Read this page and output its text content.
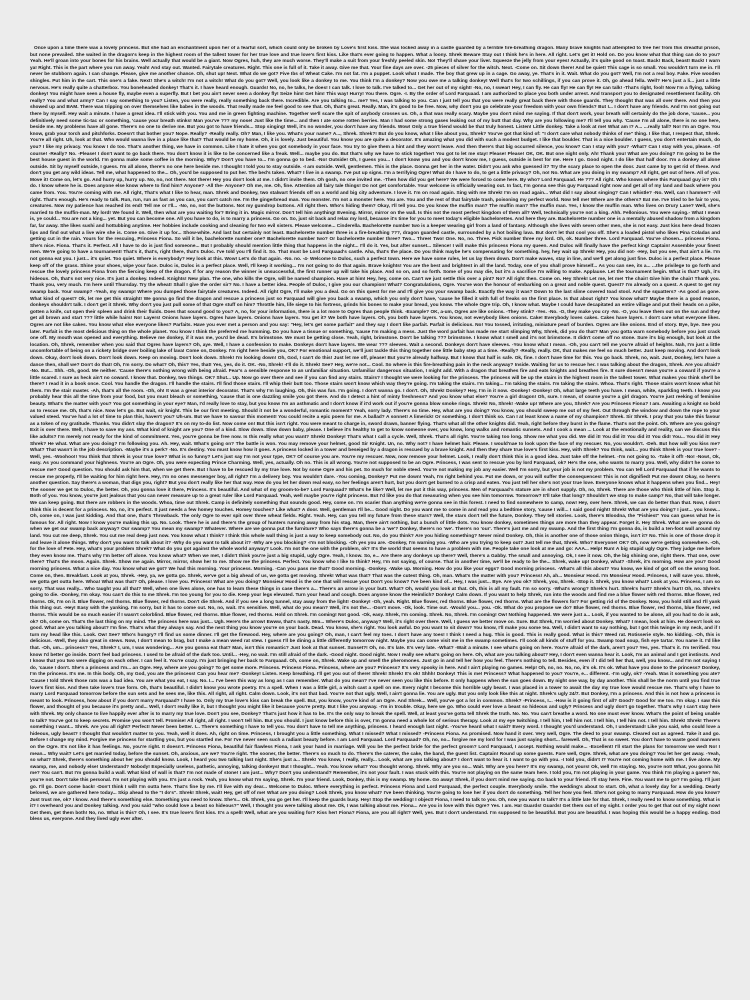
Once upon a time there was a lovely princess. But she had an enchantment upon her of a fearful sort, which could only be broken by Love's first kiss. She was locked away in a castle guarded by a terrible fire-breathing dragon. Many brave knights had attempted to free her from this dreadful prison, but none prevailed. She waited in the dragon's keep in the highest room of the tallest tower for her true love and true love's first kiss. Like that's ever going to happen. What a loony. Shrek Beware Stay out I think he's in here. All right. Let's get it! Hold on. Do you know what that thing can do to you? Yeah. He'll groan into your bones for his brains. Well actually that would be a giant. Now Ogres, huh, they are much worse. They'll make a suit from your freshly peeled skin. No! They'll shave your liver. Squeeze the jelly from your eyes! Actually, it's quite good on toast. Back! Back, beast! Back! I warn ya! Right. This is the part where you run away. Yeah! And stay out. Wanted. Fairytale creatures. Right. This one is full of it. Take it away. Give me that. Your fine days are over. -25 pieces of silver for the witch. Next. -Come on. Sit down there! And be quiet! This cage is so small. You wouldn't turn me in. I'll never be stubborn again. I can change. Please, give me another chance. Oh, shut up! Next. What do we got? Five Ibs of Wheat Cake. I'm not fat. I'm a puppet. Look what I made. The boy that grew up in a cage. Go away, ye. That's in it. Wait. What do you got? Well, I'm not a real boy. Fake. Five wooden shingles. Put him in the cart. This one's a fake. Next! She's a witch! I'm not a witch! What do you got? Well, you look like a donkey to me. You think I'm a donkey? Now you owe me a talking donkey! Well that's for two schillings, if you can prove it. Oh, go ahead fella. Well? He's just a li... just a little nervous. He's really quite a chatterbox. You boneheaded donkey! That's it. I have heard enough. Guards! No, no, he talks, he does! I can talk. I love to talk. I've talked to... Get her out of my sight! -No, no, I swear! Hey, I can fly. He can fly! He can fly! He can talk! -That's right, fool! Now I'm a flying, talking donkey! You might have seen a house fly, maybe even a superfly. But I bet you ain't never seen a donkey fly! Seize him! Get him! This way! Hurry! You there. Ogre. -I. By the order of Lord Farquaad. I am authorized to place you both under arrest. And transport you to designated resettlement facility. Oh really? You and what army? Can I say something to you? Listen, you were really, really something back there. Incredible. Are you talking to... me? Yes, I was talking to you. Can I just tell you that you were really great back there with those guards. They thought that was all over there. And then you showed up and BAM. There was tripping on over themselves like babes in the woods. That really made me feel good to see that. Oh, that's great. Really. Man, it's good to be free. Now, why don't you go celebrate your freedom with your own friends? But I... I don't have any friends. And I'm not going out there by myself. Hey wait a minute. I have a great idea. I'll stick with you. You and me in green fighting machine. Together we'll scare the spit of anybody crosses us. Oh, a that was really scary. Maybe you don't mind me saying. If that don't work, your breath will certainly do the job done, 'cause... you definitively need some tic-tac or something, 'cause your breath stinks! Man you've ??? my nose! Just like the time... and then I ate some rotten berries. Man I had some strong gases leaking out of my butt that day. Why are you following me? I'll tell you why. 'Cause I'm all alone, there is no one here, beside me. My problems have all gone. There's no one to derive me. But you got to have friends... Stop singing! Well, it's no wonder, you don't have any friends. Wow! Only a true friend would be that truly honest. Listen! Little donkey. Take a look at me! What am I? A... ...really tall? No! I'm an Ogre. You know, grab your torch and pitchforks. Doesn't that bother you? Nope. Really? -Really really. Oh? Man, I like you. What's your name? A..., Shrek. Shrek?! But do you know, what I like about you, Shrek? You've got that kind of: "I don't care what nobody thinks of me" thing. I like that, I respect that, Shrek. You're all right. Uh, look at that. Who would wanna live in a place like that? That would be my home. Oh, it is lovely. Just beautiful. You know you are quite a decorator. It's amazing what you did with such a modest budget. I like that boulder. That is a nice boulder. I guess, you don't entertain much, do you? I like my privacy. You know I do too. That's another thing, we have in common. Like I hate it when you got somebody in your face. You try to give them a hint and they won't leave. And then there's that big occurred silence, you know? Can I stay with you? -What? Can I stay with you, please. -Of course! -Really? No. -Please! I don't want to go back there. You don't know it is like to be concerned like a freak. Well... maybe you do. But that's why we have to stick together! You got to let me stay! Please! Please! OK, OK. But one night only. Ah! Thank you! What are you doing? I'm going to be the best house guest in the world. I'm gonna make some coffee in the morning. Why? Don't you have to... I'm gonna go to bed. -No! Outside! Oh, I guess you... I don't know you and you don't know me, I guess, outside is best for me. Here I go. Good night. I do like that half door. I'm a donkey all alone outside. Sit by myself outside, I guess. I'm all alone, there's no one here beside me. I thought I told you to stay outside. -I am outside. Well, gentlemen. This is the place. Gonna get her in the water. Didn't you ask who guessed it? Try the scary place to open the door. Just came by to get rid of these. And don't you get any wild ideas. Tell me, what happened to the... Oh, you'd be supposed to put her. The bed's taken. What? I live in a swamp. I've put up signs. I'm a terrifying Ogre! What do I have to do, to get a little privacy? Oh, no! No. What are you doing in my swamp? All right, get out of here. All of you. Move it! Come on, let's go. And hurry up, hurry up. No, no, not there. Not there! Hey you don't look at me. I didn't invite them. Oh gosh, no one invited me. -Then how did you get here? We were forced to come here. By who? Lord Farquaad. He ??? All right. Who knows where this Farquaad guy is? Oh I do. I know where he is. Does anyone else know where to find him? Anyone? -All the- Anyone? Oh me, me. Oh, fine. Attention all fairy tale things! Do not get comfortable. Your welcome is officially wearing out. In fact, I'm gonna see this guy Farquaad right now and get all of my land and back where you came from. You. You're coming with me. All right, That's what I like to hear, man. Shrek and Donkey, two stalwart friends off on a world and big city adventure. I love it. I'm on road again. Sing with me Shrek! I'm on road again... What did I say about singing? Can I whistle? -No. Well, can I hammer? -All right. That's enough. He's ready to talk. Run, run, run as fast as you can, you can't catch me. I'm the gingerbread man. You monster. I'm not a monster here. You are. You and the rest of that fairytale trash, poisoning my perfect world. Now tell me! Where are the others? Eat me. I've tried to be fair to you, creatures. Now my patience has reached its end! Tell me or I'll... -No, no, not the buttons. Not my gumdrop buttons. All right then. Who's hiding them? Okay, I'll tell you. Do you know the muffin man? The muffin man? The muffin man. Yes, I know the muffin man. Who lives on Drury Lane? Well, she's married to the muffin-man. My lord! We found it. Well, then what are you waiting for? Bring it in. Magic mirror. Don't tell him anything! Evening. Mirror, mirror on the wall. Is this not the most perfect kingdom of them all? Well, technically you're not a king. Ahh. Fellonious. You were saying.- What I mean is, ye could... You are not a king... yet. But you can become one. All you have to do, is to marry a princess. Go on. So, just sit back and relax my lord, because it's time for you to meet today's eligible bachelorettes. And here they are. Bachelorette number one is a mentally abused shadow from a kingdom far, far away. She likes sushi and hottubbing anytime. Her hobbies include cooking and cleaning for two evil sisters. Please welcome... Cinderella. Bachelorette number two is a keeper wearing girl from a land of fantasy. Although she lives with seven other men, she is not easy. Just kiss here dead frozen lips and find out what a live wire she is. Come on. Give it up for... Show-white. And last but certainly not least. Bachelorette number three is a fire-breathing ???, dragon guarded castle, surrounded by a hot boiling lava. But don't let that cool you off. She's a loaded pistol who likes Pina Coladas and getting cut in the rain. Yours for the rescuing, Princess Fiona. So will it be, bachelorette number one? Bachelorette number two? Or bachelorette number three? Two... Three! Two! One. No, no. Three. Pick number three my lord. Oh, ok. Number three. Lord Farquaad. You've chosen... princess Fiona. She's nice. Fiona. That's it. Perfect. All I have to do is just find someone... But I probably should mention little thing that happens in the night... I'll do it. Yes, but after sunset... Silence! I will make this princess Fiona my queen. And Duloc will finally have the perfect king! Captain! Assemble your finest men. We're going to have a tournament! That's it, that's, right there, that's Duloc. I've told you I'll find it. So. That must be Lord Farquaad's castle. Aha, that's the place. Do you think maybe he's compensating for something. hey, hey wait up Shrek! Hey, you did not- -Hey, but you see, that ain't a lie. I'm not gonna eat you. I just... it's quiet. Too quiet. Where is everybody? Hey look at this. Wow! Let's do that again. -No. no. -4- Welcome to Duloc, such a perfect town. Here we have some rules, let us lay them down. Don't make waves, stay in line, and we'll get along just fine. Duloc is a perfect place. Please keep off of the grass. Shine your shoes, wipe your face. Duloc is, Duloc is a perfect place. Well, I'll keep it working... I'm not going to do that again. Brave knights! You are the best and brightest in all the land. Today, one of you shall prove himself... As you can see, its a... ...the privilege to go forth and rescue the lovely princess Fiona from the fiercing keep of the dragon. If for any reason the winner is unsuccessful, the first runner up will take his place. And so on, and so forth. Some of you may die, but it's a sacrifice I'm willing to make. Applause. Let the tournament begin. What is that? Ugh, it's hideous. Oh, that's not very nice. It's just a donkey. Indeed. Knights! New plan. The one, who kills the Ogre, will be named champion. Have at him! Hey, hey, come on. Can't we just settle this over a pint? No? All right then. Come on. Hey Shrek! Let me, let me! The chair! Give him the chair! Thank you. Thank you, very much. I'm here until Thursday. Try the wheat! Shall I give the order sir? No. I have a better idea. People of Duloc, I give you our champion! What? Congratulations, Ogre. You've won the honour of embarking on a great and noble quest. Quest? I'm already on a quest. A quest to get my swamp back. Your swamp? -Yeah, my swamp! Where you dumped those fairytale creatures. Indeed. All right Ogre, I'll make you a deal. Go on this quest for me and I'll give you your swamp back. Exactly the way it was? Down to the last slime covered toad stool. And the squatters? -As good as gone. What kind of quest? Ok, let me get this straight! We gonna go find the dragon and rescue a princess just so Farquaad will give you back a swamp, which you only don't have, 'cause he filled it with full of freaks on the first place. Is that about right? You know what? Maybe there is a good reason, donkeys shouldn't talk. I don't get it Shrek. Why don't you just pull some of that Ogre stuff on him? Throttle him, life siege to his fortress, grinds his bones to make your bread, you know. The whole Ogre trip. Oh, I know what. Maybe I could have decapitated an entire village and put their heads on a pike, gotten a knife, cut open their spleen and drink their fluids. Does that sound good to you? A, no, for your information, there is a lot more to Ogres than people think. -Example? OK, a-um, Ogres are like onions. -They stink? -Yes. -No. -O, they make you cry -No. -O, you leave them out on the sun and they get all brown and start ??? little while hairs! No! Layers! Onions have layers. Ogres have layers. Onions have layers. You get it? We both have layers. Oh, you both have layers. You know, not everybody likes onions. Cake! Everybody loves cakes. Cakes have layers. I don't care what everyone likes. Ogres are not like cakes. You know what else everyone likes? Parfaits. Have you ever met a person and you say: "Hey, let's get some parfait" and they say I don't like parfait. Parfait is delicious. No! You tossed, irritating, miniature pearl of burden. Ogres are like onions. End of story. Bye, bye. See you later. Parfait is the most delicious thing on the whole planet. You know I think the preferred me humming. Do you have a tissue or something, 'cause I'm making a mess. Just the word parfait has made me start slimping Why, Shrek, did you do that? Man you gotta warn somebody before you just crack one off. My mouth was opened and everything. Believe me donkey, if it was me, you'd be dead. It's brimstone. We must be getting close. Yeah, right, brimstone. Don't be talking ??? brimstone. I know what I smell and it's not brimstone. It didn't come off no stone. Sure it's big enough, but look at the location. Oh, Shrek, remember when you said that Ogres have layers? Oh, aye. Well, I have a confession to make. Donkeys don't have layers. We wear ??? sleeves. Wait a second. Donkeys don't have sleeves. -You know what I mean. -Oh, you can't tell me you're afraid of heights. Nah, I'm just a little uncomfortable of being on a rickety bridge over boiling lake of lava! Come on, Donkey. I'm right here beside you, OK? For emotional support, we'll just tackle this thing together one little baby step at a time. -Really? -Really, really. OK, that makes me feel so much better. Just keep moving. And don't look down. Okay, don't look down. Don't look down. Keep on moving. Don't look down. Shrek! I'm looking down! Oh, God, I can't do this! Just let me off, please! But you're already halfway. But I know that half is safe. Ok, fine. I don't have time for this. You go back. Shrek, no, wait. Just, Donkey, let's have a dance then, shall we? Don't do that! Oh, I'm sorry. Do what? Oh, this? Yes, that! Yes, yes, do it. OK. -No, Shrek! -I'll do it. Shrek! See? Hey, we're not... Cool. So where is this fire-breathing pain in the neck anyway? Inside. Waiting for us to rescue her. I was talking about the dragon, Shrek. Are you afraid? -No. But... Shh. -Oh, good. Me neither. 'Cause there's nothing wrong with being afraid. Fear's a sensible response to an unfamiliar situation. Unfamiliar dangerous situation, I might add. With a dragon that breathes fire and eats knights and breathes fire. It sure doesn't mean you're a coward if you're a little scared. I sure as heck ain't no coward. I know that. Donkey, two things. OK? Shut... Up. Now go over there and see if you can find any stairs. Stairs? I thought we were looking for the princess. The princess will be up the stairs in the highest room in the tallest tower. What makes you think she'll be there? I read it in a book once. Cool. You handle the dragon. I'll handle the stairs. I'll find those stairs. I'll whip their butt too. Those stairs won't know which way they're going. I'm taking the stairs. I'm taking... I'm taking the stairs. I'm taking the stairs. Whoa. That's right. Those stairs won't know what hit them. I'm the stair master. -Ah, that's all the room. -Oh, oh! It was a great interior decorator. That's why I'm laughing. Oh, this was fun. I'm going. I don't wanna go. I don't. Oh, Shrek! Donkey? Hey, I'm in it now. -Donkey! -Donkey! Oh, what large teeth you have. I mean, white, sparkling teeth. I know you probably hear this all the time from your food, but you must bleach or something, 'cause that is one dazzling smile you got there. And do I detect a hint of minty freshness? And you know what else? You're a girl dragon! Oh, sure. I mean, of course you're a girl dragon. You're just reeking of feminine beauty. What's the matter with you? You got something in your eye? Man, I'd really love to stay, but you know I'm an asthmatic and I don't know if it'd work out if you're gonna blow smoke rings. Shrek! No, Shrek! -Wake up! Where are you, Shrek? Are you Princess Fiona? I am. Awaiting a knight so bold as to rescue me. Oh, that's nice. Now let's go. But wait, sir knight. This be our first meeting. Should it not be a wonderful, romantic moment? Yeah, sorry lady. There's no time. Hey, what are you doing? You know, you should sweep me out of my feet. Out through the window and down the rope to your valued steed. You've had a lot of time to plan this, haven't you? Uh-um. But we have to savour this moment! You could recite a epic poem for me. A ballad? A sonnet! A limerick! Or something. I don't think so. Can I at least know a name of my champion? Shrek. Sir Shrek. I pray that you take this favour as a token of my gratitude. Thanks. You didn't slay the dragon? It's on my to-do list. Now come on! But this isn't right. You were meant to charge in, sword drawn, banner flying. That's what all the other knights did. Yeah, right before they burst in the flame. That's not the point. Oh. Where are you going? Exit is over there. Well, I have to save my ass. What kind of knight are you? One of a kind. Slow down. Slow down baby, please. I believe it's healthy to get to know someone over, you know, long walks and romantic sunsets. And I cook a mean ... Look at the emotionally and reality, can we discuss this like adults? I'm merely not ready for the kind of commitment. Yes, you're gonna be free now. Is this really what you want? Shrek! Donkey! That's what I call a cycle. Well, Shrek. That's all right. You're taking too long. Show me what you did. We did it! You did it! You did it! You did! You... You did it! Hey Shrek? He what. What are you doing? I'm following you. Ah. Hey, wait. What's going on? The battle is won. You may remove your helmet, good Sir Knight. Un, no. Why not? I have helmet hair. Please. I would'nae to look upon the face of my rescuer. No, you wouldn't. -Deh. But how will you kiss me? What? That wasn't in the job description. -Maybe it's a perk? -No. It's destiny. You must know how it goes. A princess locked in a tower and beseiged by a dragon is rescued by a brave knight. And then they share true love's first kiss. Hey, with Shrek? You think, wait... you think Shrek is your true love? -Well, yes. -Woohoo!! You think that Shrek is your true love? What is so funny? Let's just say I'm not your type, OK? Of course you are. You're my rescuer. Now, now remove your helmet. Look, I really don't think this is a good idea. Just take off the helmet. -I'm not going to. -Take it off! -No! -Now!, Ok, easy. As you command your highness. You're an Ogre. Oh, you were expecting Prince Charming. Well, yes, actually. Oh no. This is all wrong. You're not supposed to be an Ogre. Princess, I was sent to rescue you by lord Farquaad, ok? He's the one, who wants to marry you. Well, why didn't he come to rescue me? Good question. You should ask him that, when we get there. But I have to be rescued by my true love. Not by some Ogre and his pet. So much for noble steed. You're not making my job any easier. Well I'm sorry, but your job is not my problem. You can tell Lord Farquaad that if he wants to rescue me properly, I'll be waiting for him right here. Hey, I'm no ones messenger boy, all right? I'm a delivery boy. You wouldn't dare. -You coming, Donkey? Put me down! Yeah, I'm right behind you. Put me down, or you will suffer the consequences! This is not dignified! Put me down! Okay, so here's another question. Say there's a woman, that digs you, right? But you don't really like her that way. How do you let her down real easy, so her feelings aren't hurt, but you don't get burned to a crisp and eaten. You just tell her she's not your true love. Everyone knows what it happens when you find... Hey! The sooner we get to Duloc, the better. Oh, you gonna love it there, Princess. It's beautiful. And what of my groom-to-be? Lord Farquaad? What's he like? Well, let me put it this way, princess. Men of Farquaad's stature are in short supply. Oh, no, Shrek. There are those who think little of him. Stop it. Both of you. You know, you're just jealous that you can never measure up to a great ruler like Lord Farquaad. Yeah, well maybe you're right princess. But I'd like you do that measuring when you see him tomorrow. Tomorrow? It'll take that long? Shouldn't we stop to make camp? No, that will take longer. We can keep going. But there are robbers in the woods. Whoa, time out Shrek. Camp is definitely something that sounds good. Hey, come on. I'm scarier than anything we're gonna see in this forest. I need to find somewhere to camp, now! Hey, over here. Shrek, we can do better than that. Now, I don't think this is decent for a princess. No, no, it's perfect. It just needs a few homey touches. Homey touches? Like what? A door. Well, gentleman I'll be... Good night. Do you want me to come in and read you a bedtime story, 'cause I will... I said good night! Shrek! What are you doing? I just... you know... Oh, come on, I was just kidding. And that one, that's Throwback. The only Ogre to ever spit over three wheat fields. Right. Yeah. Hey, can you tell my future from these stars? Well, the stars don't tell the future, Donkey. They tell stories. Look, there's Bloodna, the "Fishiest" You can guess what he is famous for. All right. Now I know you're making this up. No. Look. There he is and there's the group of hunters running away from his stag. Man, there ain't nothing, but a bunch of little dots. You know donkey, sometimes things are more than they appear. Forget it. Hey Shrek. What are we gonna do when we get our swamp back anyway? Our swamp? You mean my swamp? Whatever. Where are we gonna put the furniture? Who says there's gonna be a 'we'? Donkey, there's no 'we'. There's no 'our'. There's just me and my swamp. And the first thing I'm gonna do, is build a ten-foot wall around my land. You cut me deep, Shrek. You cut me real deep just now. You know what I think? I think this whole wall thing is just a way to keep somebody out. No, do you think? Are you hiding something? Never mind Donkey. Oh, this is another one of those onion things, isn't it? No. This is one of those drop it and leave it alone things. Why don't you want to talk about it? -Why do you want to talk about it? -Why are you blocking? -I'm not blocking. -Oh yes you are. -Donkey, I'm warning you. -Who are you trying to keep out? Just tell me that, Shrek. Who? Everyone! OK? Oh, now we're getting somewhere. -Oh, for the love of Pete. Hey, what's your problem Shrek? What do you got against the whole world anyway? Look. I'm not the one with the problem, ok? It's the world that seems to have a problem with me. People take one look at me and go: AAA... Help! Run! A big stupid ugly Ogre. They judge me before they even know me. That's why I'm better off alone. You know what? When we met, I didn't think you're just a big stupid, ugly Ogre. Yeah, I know. So, e... Are there any donkeys up there? Well, there's a Gabby. The small and annoying. Ok, I see it now. Oh, the big shining one, right there. That one, over there? That's the moon. Again. Shrek. Show me again. Mirror, mirror, show her to me. Show me the princess. Perfect. You know who I like to think? Hey, I'm not saying, of course. That in another time, we'll be ready to be the... Shrek, wake up! Donkey, what? -Shrek, it's morning. How are you? Good morning princess. What a nice day. You know what we got? We had this morning. Your princess. Morning. -Can you pass me that? Good morning. -Donkey. -Wake up. Morning. How do you like your eggs? Good morning princess. -What's all this about? You know, we kind of got off on the wrong foot. Come on, then. Breakfast. Look at you, Shrek. -Hey, ya, we gotta go. Shrek, we've got a big ahead of us, we gotta get moving. Shrek! What was that? That was the cutest thing. Oh, man. What's the matter with you? Princess! Ah, ah... Monsieur Hood. I'm Monsieur Hood. Princess, I will save you. Shrek, we gotta get outta here. Whoa! What was that? Oh, please. I love you. Princess! What are you doing? Monsieur Hood is the one that will rescue you! Don't you know? I've been kind of... Hey, I was just... Bye. Are you ok? Shrek, you, Shrek. -Stop it. Shrek, you know what? Look at you. Princess, I am so sorry. That was really... Who taught you all that? Well, when one lives alone, one has to learn these things in case there's a... There's an arrow in your butt. What? Oh, would you look at that. Oh, this is all my fault. I'm so sorry. -What's wrong? Shrek's hurt. Shrek's hurt? Shrek's hurt! Oh, no. Shrek's going to die. -Donkey, I'm okay. You can't do this to me Shrek. I'm too young for you to die. Keep your legs elevated. Turn your head and cough. Does anyone know the Heimlich? Donkey! Calm down. If you want to help Shrek, run into the woods and find me a blue flower with red thorns. Blue flower, red thorns. Ok, I'm on it. Blue flower, red thorns. Blue flower, red thorns. Don't die Shrek. And if you see a long tunnel, stay away from the light! -Donkey! -Oh, yeah. Right. Blue flower, red thorns. Blue flower, red thorns. What are the flowers for? For getting rid of the Donkey. Now, you hold still and I'll yank this thing out. -Hey! Easy with the yanking. I'm sorry, but it has to come out. No, no, wait. It's sensitive. Well, what do you mean? Well, it's not the... -Don't move. -Ok, look. Time out. -Would you... you. -Ok. What do you propose we do? Blue flower, red thorns. Blue flower, red thorns, blue flower, red thorns. This would be so much easier if I wasn't colorblind. Blue flower, red thorns. Blue flower, red thorns. Hold on Shrek. I'm coming! Not good. -Ok, easy. Shrek, I'm coming. Shrek. No, Shrek. I'm coming! Ow! Nothing happened. We were just a... Look, if you wanted to be alone, all you had to do is ask, ok? Oh, come on. That's the last thing on my mind. The princess here was just... Ugh. Here's the arrow! Ewww, that's nasty. Mm... Where's Duloc, anyway? Well, it's right over there. Well, I guess we better move on. Sure. But Shrek, I'm worried about Donkey. What? I mean, look at him. He doesn't look so good. What are you talking about? I'm fine. That's what they always say. And the next thing you know you're on your back. Dead. You know, she's right. You look awful. Do you want to sit down? You know, I'll make you some tea. Well, I didn't want to say nothing, but I got this twinge in my neck, and if I turn my head like this. Look. Ow! See? Who's hungry? I'll find us some dinner. I'll get the firewood. Hey, where are you going? Oh, man, I can't feel my toes. I don't have any toes! I think I need a hug. This is good. This is really good. What is this? Weed rat. Rotisserie style. No kidding. -Oh, this is delicious. -Well, they also great in stews. Now, I don't mean to brag, but I make a mean weed rat stew. I guess I'll be dining a little differently tomorrow night. Maybe you can come visit me in the swamp sometimes. I'll cook all kinds of stuff for you. Swamp toad soup, fish eye tartar. You name it. I'd like that. -Oh, um... princess? Yes, Shrek? I, um, I was wondering... Are you gonna eat that? Man, isn't this romantic? Just look at that sunset. Sunset?! Oh, no. It's late. It's very late. -What? -Wait a minute. I see what's going on here. You're afraid of the dark, aren't you? Yes, yes. That's it. I'm terrified. You know I'd better go inside. Don't feel bad princess. I used to be afraid of the dark too. Until... -Hey, no wait. I'm still afraid of the dark. -Good night. Good night. Now I really see what's going on here. Oh, what are you talking about? Hey, I don't even wanna hear it. Look, I'm an animal and I got instincts. And I know that you two were digging on each other. I can feel it. You're crazy. I'm just bringing her back to Farquaad. Oh, come on, Shrek. Wake up and smell the pheromones. Just go in and tell her how you feel. There's nothing to tell. Besides, even if I did tell her that, well, you know... and I'm not saying I do, 'cause I don't. She's a princess and I'm... an Ogre. Hey, where are you going? To get some more. Princess. Princess Fiona. Princess, where are you? Princess? It's very spooky in here. And I ain't playing no games. Help! Oh, no, no. No, no, it's ok. It's ok. What have you done to the princess? Donkey, I'm the princess. It's me. In this body. Oh, my God, you ate the princess! Can you hear me? -Donkey! Listen. Keep breathing. I'll get you out of there! Shrek! Shrek! It's ok! Shhh! Donkey! This is me! Princess? What happened to you? You're, e... different. -I'm ugly, ok? -Yeah. Was it something you ate? 'Cause I told Shrek those rats was a bad idea. You are what you eat, I say. No. I... I've been this way as long as I can remember. What do you mean? I've never seen you like this before. It only happens when the sun goes down. By night one way, by day another. This shall be the norm until you find true love's first kiss. And then take love's true form. Oh, that's beautiful. I didn't know you wrote poetry. It's a spell. When I was a little girl, a witch cast a spell on me. Every night I become this horrible ugly beast. I was placed in a tower to await the day my true love would rescue me. That's why I have to marry Lord Farquaad tomorrow before the sun sets and he sees me, like this. All right, all right. Calm down. Look, it's not that bad. You're not that ugly. Well, I ain't gonna lie. You are ugly. But you only look like this at night. Shrek's ugly 24/7. But Donkey, I'm a princess. And this is not how a princess is meant to look. Princess, how about if you don't marry Farquaad? I have to. Only my true love's kiss can break the spell. But, you know, you're kind of an Ogre. And Shrek... Well, you've got a lot in common. Shrek? -Princess, I... -How is it going first of all? Good? Good for me too. I'm okay. I saw this flower, and thought of you because it's pretty and... Well, I don't really like it, but I thought you might like it because you're pretty. But I like you anyway. -I'm in trouble. Okay, here we go. Who could ever love a beast so hideous and ugly? Princess and ugly don't go together. That's why I can't stay here with Shrek. My only chance to live happily ever after is to marry my true love. Don't you see, Donkey? That's just how it has to be. It's the only way to break the spell. Well, at least you've gotta tell Shrek the truth. No. No. You can't breathe a word. No one must ever know. What's the point of being unable to talk? You've got to keep secrets. Promise you won't tell. Promise! All right, all right. I won't tell him. But you should. I just know before this is over, I'm gonna need a whole lot of serious therapy. Look at my eye twitching. I tell him, I tell him not. I tell him, I tell him not. I tell him. Shrek! Shrek! There's something I want... Shrek. Are you all right? Perfect! Never been better. I... There's something I have to tell you. You don't have to tell me anything, princess. I heard enough last night. -You've heard what I said? Every word. I thought you'd understand. Oh, I understand! Like you said, who could love a hideous, ugly beast? I thought that wouldn't matter to you. Yeah, well it does. Ah, right on time. Princess, I brought you a little something. What I missed? What I missed? -Princess Fiona. As promised. Now hand it over. Very well, Ogre. The deed to your swamp. Cleared out as agreed. Take it and go. Before I change my mind. Forgive me princess for startling you, but you startled me. For I've never seen such a radiant beauty before. I am Lord Farquaad. Lord Farquaad? Oh, no, no... forgive me my lord for I was just saying short... farewell. Oh, That is so sweet. You don't have to waste good manners on the Ogre. It's not like it has feelings. No, you're right. It doesn't. Princess Fiona, beautiful fair flawless Fiona, I ask your hand in marriage. Will you be the perfect bride for the perfect groom? Lord Farquaad, I accept. Nothing would make... -Excellent! I'll start the plans for tomorrow we wed! No! I mean... Why wait? Let's get married today, before the sunset. Oh, anxious, are we? You're right. The sooner, the better. There's so much to do. There's the caterer, the cake, the band, the guest list. Captain! Round up some guests. Fare well, Ogre. Shrek, what are you doing? You let her get away. -Yeah, so what? Shrek, there's something about her you should know. Look, I heard you two talking last night. She's just a... Shrek! You know, I really, really... Look, what are you talking about? I don't want to hear it. I want to go with you. -I told you, didn't I? You're not coming home with me. I live alone. My swamp, me, and nobody else! Understand? Nobody! Especially useless, pathetic, annoying, talking donkeys! But I thought... Yeah. You know what? You thought wrong. Shrek. Why are you so... Wait. Why are you here? It's my swamp, not yours! Ok, well I'm staying. No, you're not! What, you gonna hit me? You can't. But I'm gonna build a wall. What kind of wall is that? I'm not made of stone! I am just... Why? Don't you understand? Remember, it's not your fault. I was stuck with this. You're not playing on the same team here. I told you, I'm not playing in your game. You think I'm playing a game? No, you're not. Don't take this personal. I'm not playing with you. It's just a rock. Yeah, you know what I'm saying, Shrek. I'm your friend. Look, Donkey, this is my swamp. My home. Go away! Shrek, if you don't mind me saying. Go back to your friend. I'll stay here. Fine. You want me to go? I'm going. I'll just go. I'll go. Don't come back! -Don't think I will! I'm outta here. That's fine by me. I'll live with my dear... Welcome to Duloc. Where everything is perfect. Princess Fiona and Lord Farquaad, the perfect couple. Everybody smile. The wedding's about to start. Oh, what a lovely day for a wedding. Dearly beloved, we are gathered here today... Skip ahead to the "I do's". Shrek! Shrek, wait! Hey, get off of me! What are you doing? Look Shrek, you know what? I've been thinking. You're going to lose her if you don't do something. Tell her how you feel. She's not going to marry Farquaad. How do you know? Just trust me, ok? I know. And there's something else. Something you need to know. She's... Ok. Shrek, you go get her. I'll keep the guards busy. Hey! Stop the wedding! I object! Fiona, I need to talk to you. Oh, now you want to talk? It's a little late for that. Shrek, I really need to know something. What is it? I overheard you and Donkey talking. And you said "who could love a beast so hideous?" Well, I thought you were talking about me. Ok, I was talking about me. Fiona... Are you in love with this Ogre? Yes. I am. Ha! Guards! Guards! Get them out of my sight. I order you to get that out of my sight now! Get them, get them both! No, no. What is this? Oh, I see. It's true love's first kiss. It's a spell! Well, what are you waiting for? Kiss her! Fiona? Fiona, are you all right? Well, yes. But I don't understand. I'm supposed to be beautiful. But you are beautiful. I was hoping this would be a happy ending. God bless us, everyone. And they lived ugly ever after.
